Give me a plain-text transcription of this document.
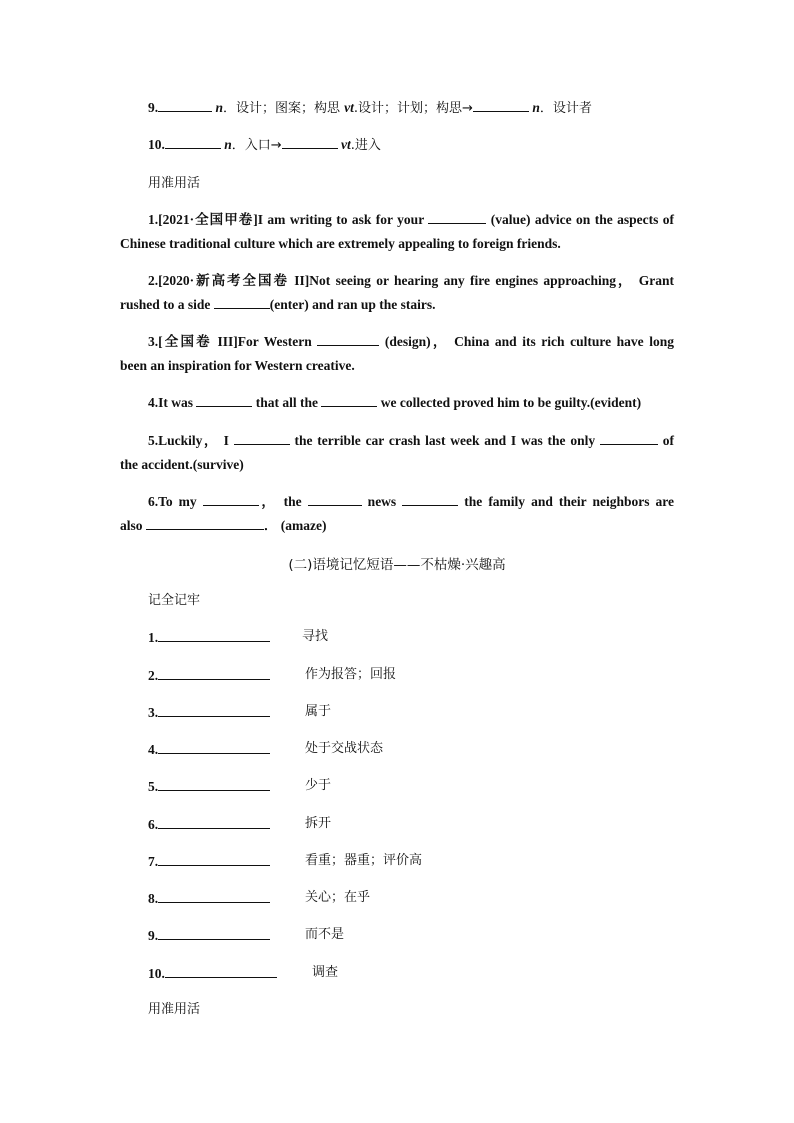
9.	n．设计；图案；构思 vt.设计；计划；构思→	n．设计者
10.	n．入口→	vt.进入
用准用活
1.[2021·全国甲卷]I am writing to ask for your	(value) advice on the aspects of
Chinese traditional culture which are extremely appealing to foreign friends.
2.[2020·新高考全国卷 II]Not seeing or hearing any fire engines approaching， Grant
rushed to a side	(enter) and ran up the stairs.
3.[全国卷 III]For Western	(design)， China and its rich culture have long
been an inspiration for Western creative.
4.It was	that all the	we collected proved him to be guilty.(evident)
5.Luckily， I	the terrible car crash last week and I was the only	of
the accident.(survive)
6.To my	， the	news	the family and their neighbors are
also	． (amaze)
(二)语境记忆短语——不枯燥·兴趣高
记全记牢
1.	寻找
2.	作为报答；回报
3.	属于
4.	处于交战状态
5.	少于
6.	拆开
7.	看重；器重；评价高
8.	关心；在乎
9.	而不是
10.	调查
用准用活
